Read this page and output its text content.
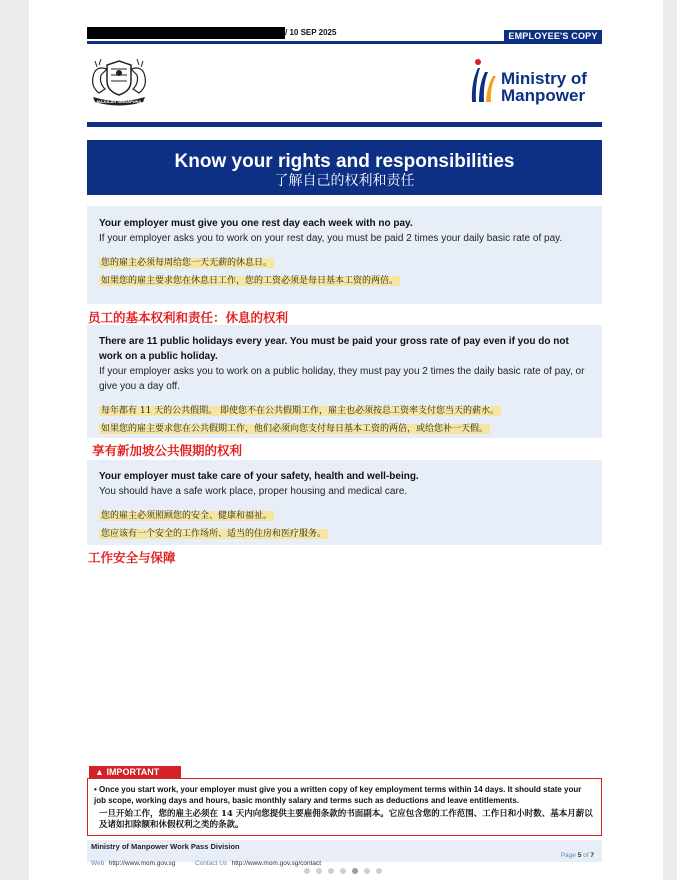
/ 10 SEP 2025	EMPLOYEE'S COPY
MAJULAH SINGAPURA
Ministry of
Manpower
Know your rights and responsibilities
了解自己的权利和责任

Your employer must give you one rest day each week with no pay.

If your employer asks you to work on your rest day, you must be paid 2 times your daily basic rate of pay.

您的雇主必须每周给您一天无薪的休息日。
如果您的雇主要求您在休息日工作，您的工资必须是每日基本工资的两倍。
员工的基本权利和责任：休息的权利

There are 11 public holidays every year. You must be paid your gross rate of pay even if you do not work on a public holiday.

If your employer asks you to work on a public holiday, they must pay you 2 times the daily basic rate of pay, or give you a day off.

每年都有 11 天的公共假期。 即使您不在公共假期工作，雇主也必须按总工资率支付您当天的薪水。
如果您的雇主要求您在公共假期工作，他们必须向您支付每日基本工资的两倍，或给您补一天假。
享有新加坡公共假期的权利

Your employer must take care of your safety, health and well-being.

You should have a safe work place, proper housing and medical care.

您的雇主必须照顾您的安全、健康和福祉。
您应该有一个安全的工作场所、适当的住房和医疗服务。
工作安全与保障
▲ IMPORTANT
• Once you start work, your employer must give you a written copy of key employment terms within 14 days. It should state your job scope, working days and hours, basic monthly salary and terms such as deductions and leave entitlements.
一旦开始工作，您的雇主必须在 14 天内向您提供主要雇佣条款的书面副本。它应包含您的工作范围、工作日和小时数、基本月薪以及诸如扣除额和休假权利之类的条款。
Ministry of Manpower Work Pass Division
Web http://www.mom.gov.sg	Contact Us http://www.mom.gov.sg/contact
Page 5 of 7
